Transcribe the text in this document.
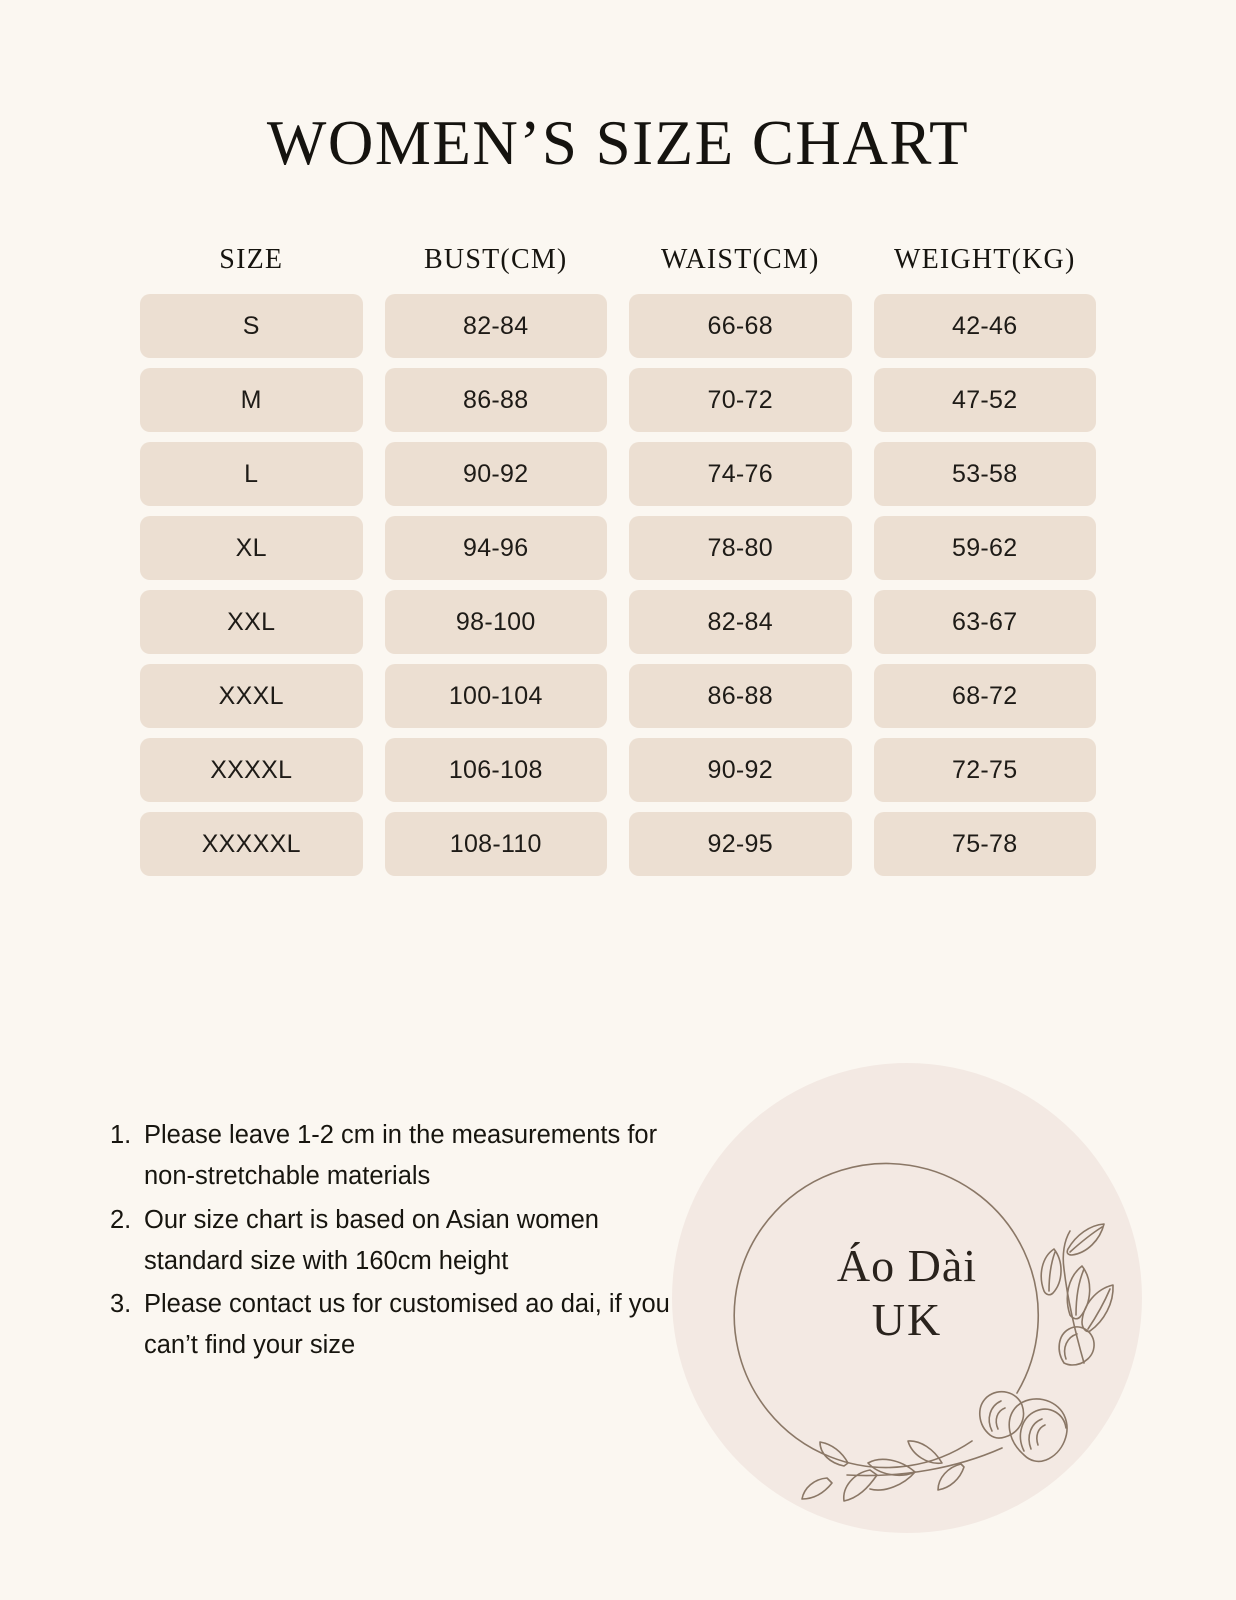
WOMEN’S SIZE CHART
SIZE	BUST(CM)	WAIST(CM)	WEIGHT(KG)
S	82-84	66-68	42-46
M	86-88	70-72	47-52
L	90-92	74-76	53-58
XL	94-96	78-80	59-62
XXL	98-100	82-84	63-67
XXXL	100-104	86-88	68-72
XXXXL	106-108	90-92	72-75
XXXXXL	108-110	92-95	75-78
1. Please leave 1-2 cm in the measurements for non-stretchable materials
2. Our size chart is based on Asian women standard size with 160cm height
3. Please contact us for customised ao dai, if you can’t find your size
Áo Dài
UK
